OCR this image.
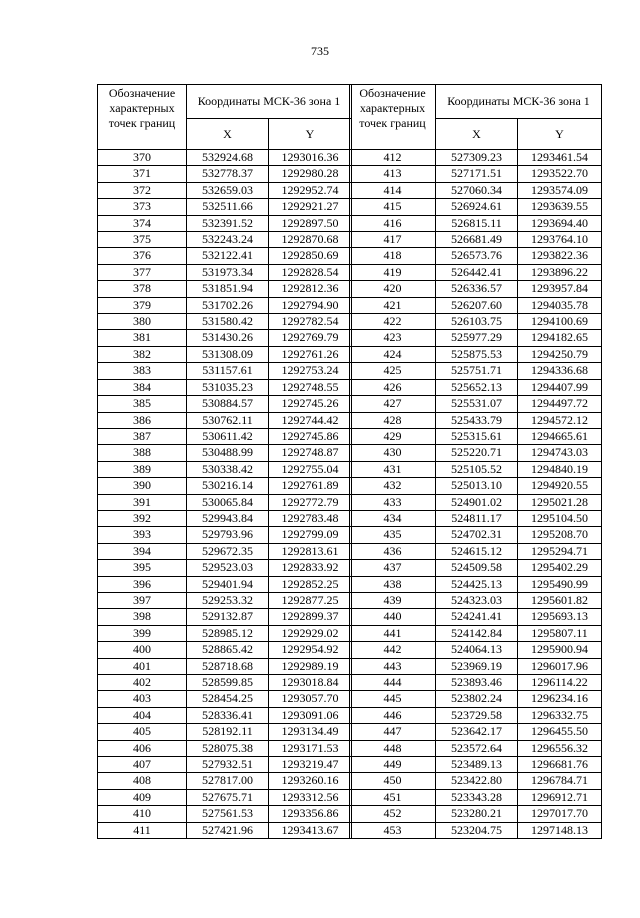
735
Обозначение характерных точек границ	Координаты МСК-36 зона 1	
	X	Y
370	532924.68	1293016.36
371	532778.37	1292980.28
372	532659.03	1292952.74
373	532511.66	1292921.27
374	532391.52	1292897.50
375	532243.24	1292870.68
376	532122.41	1292850.69
377	531973.34	1292828.54
378	531851.94	1292812.36
379	531702.26	1292794.90
380	531580.42	1292782.54
381	531430.26	1292769.79
382	531308.09	1292761.26
383	531157.61	1292753.24
384	531035.23	1292748.55
385	530884.57	1292745.26
386	530762.11	1292744.42
387	530611.42	1292745.86
388	530488.99	1292748.87
389	530338.42	1292755.04
390	530216.14	1292761.89
391	530065.84	1292772.79
392	529943.84	1292783.48
393	529793.96	1292799.09
394	529672.35	1292813.61
395	529523.03	1292833.92
396	529401.94	1292852.25
397	529253.32	1292877.25
398	529132.87	1292899.37
399	528985.12	1292929.02
400	528865.42	1292954.92
401	528718.68	1292989.19
402	528599.85	1293018.84
403	528454.25	1293057.70
404	528336.41	1293091.06
405	528192.11	1293134.49
406	528075.38	1293171.53
407	527932.51	1293219.47
408	527817.00	1293260.16
409	527675.71	1293312.56
410	527561.53	1293356.86
411	527421.96	1293413.67
Обозначение характерных точек границ	Координаты МСК-36 зона 1	
	X	Y
412	527309.23	1293461.54
413	527171.51	1293522.70
414	527060.34	1293574.09
415	526924.61	1293639.55
416	526815.11	1293694.40
417	526681.49	1293764.10
418	526573.76	1293822.36
419	526442.41	1293896.22
420	526336.57	1293957.84
421	526207.60	1294035.78
422	526103.75	1294100.69
423	525977.29	1294182.65
424	525875.53	1294250.79
425	525751.71	1294336.68
426	525652.13	1294407.99
427	525531.07	1294497.72
428	525433.79	1294572.12
429	525315.61	1294665.61
430	525220.71	1294743.03
431	525105.52	1294840.19
432	525013.10	1294920.55
433	524901.02	1295021.28
434	524811.17	1295104.50
435	524702.31	1295208.70
436	524615.12	1295294.71
437	524509.58	1295402.29
438	524425.13	1295490.99
439	524323.03	1295601.82
440	524241.41	1295693.13
441	524142.84	1295807.11
442	524064.13	1295900.94
443	523969.19	1296017.96
444	523893.46	1296114.22
445	523802.24	1296234.16
446	523729.58	1296332.75
447	523642.17	1296455.50
448	523572.64	1296556.32
449	523489.13	1296681.76
450	523422.80	1296784.71
451	523343.28	1296912.71
452	523280.21	1297017.70
453	523204.75	1297148.13
